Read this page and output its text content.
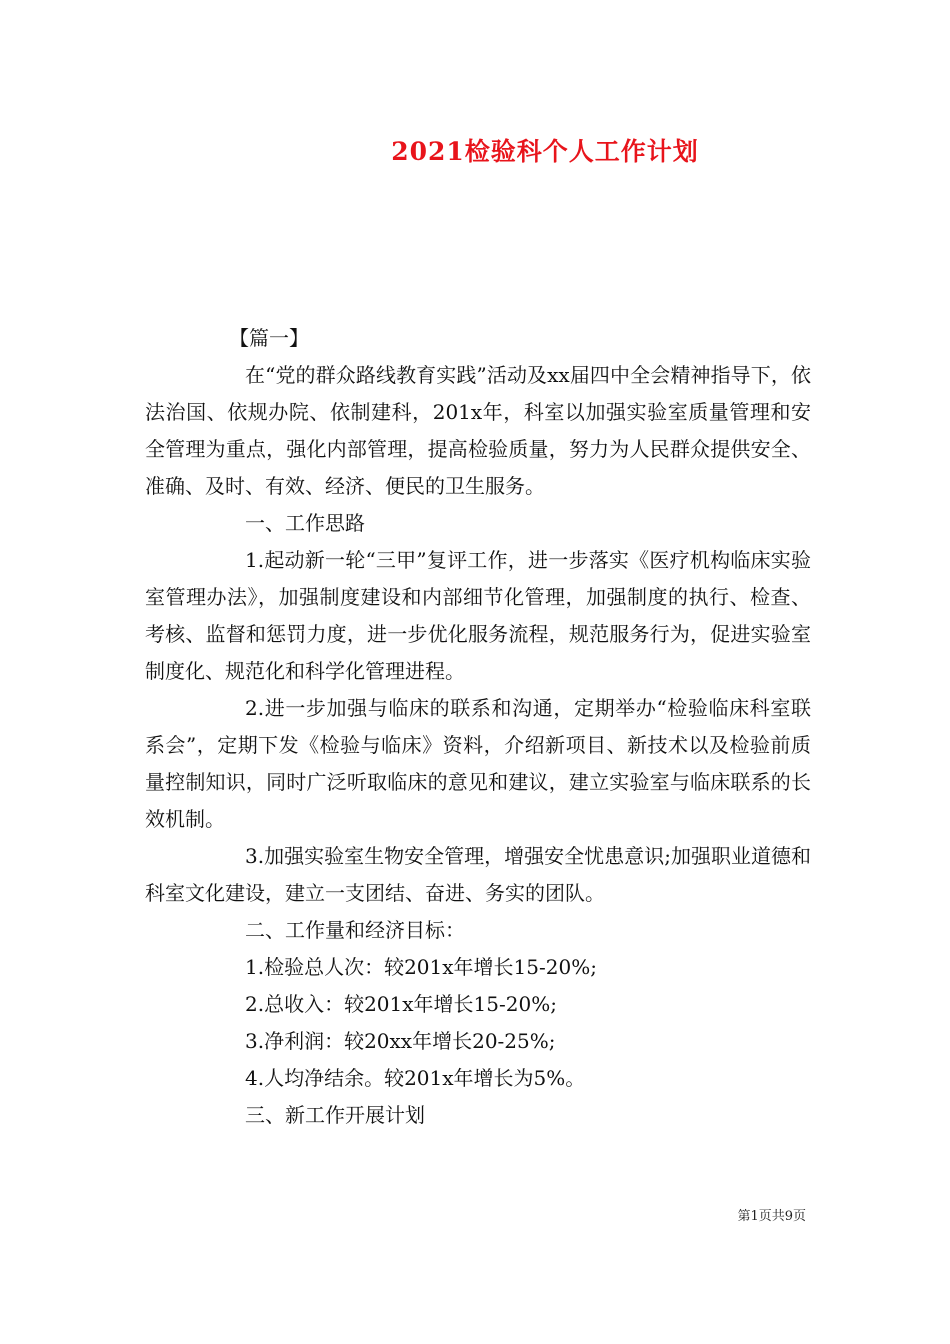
2021检验科个人工作计划

【篇一】

在“党的群众路线教育实践”活动及xx届四中全会精神指导下，依法治国、依规办院、依制建科，201x年，科室以加强实验室质量管理和安全管理为重点，强化内部管理，提高检验质量，努力为人民群众提供安全、准确、及时、有效、经济、便民的卫生服务。

一、工作思路

1.起动新一轮“三甲”复评工作，进一步落实《医疗机构临床实验室管理办法》，加强制度建设和内部细节化管理，加强制度的执行、检查、考核、监督和惩罚力度，进一步优化服务流程，规范服务行为，促进实验室制度化、规范化和科学化管理进程。

2.进一步加强与临床的联系和沟通，定期举办“检验临床科室联系会”，定期下发《检验与临床》资料，介绍新项目、新技术以及检验前质量控制知识，同时广泛听取临床的意见和建议，建立实验室与临床联系的长效机制。

3.加强实验室生物安全管理，增强安全忧患意识;加强职业道德和科室文化建设，建立一支团结、奋进、务实的团队。

二、工作量和经济目标：

1.检验总人次：较201x年增长15-20%;

2.总收入：较201x年增长15-20%;

3.净利润：较20xx年增长20-25%;

4.人均净结余。较201x年增长为5%。

三、新工作开展计划

第1页共9页
